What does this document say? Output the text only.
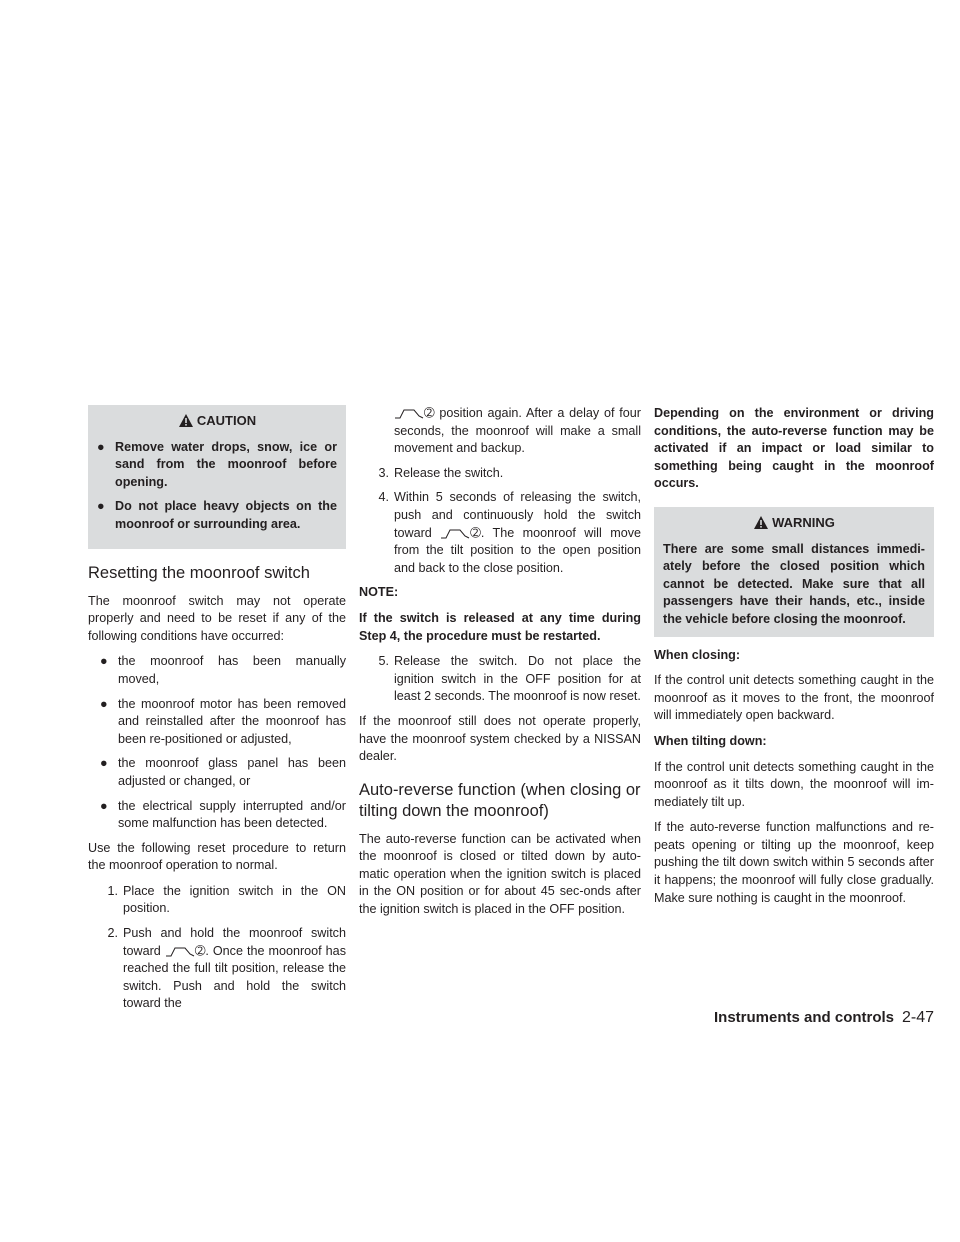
CAUTION
● Remove water drops, snow, ice or sand from the moonroof before opening.
● Do not place heavy objects on the moonroof or surrounding area.
Resetting the moonroof switch

The moonroof switch may not operate properly and need to be reset if any of the following conditions have occurred:

● the moonroof has been manually moved,
● the moonroof motor has been removed and reinstalled after the moonroof has been re-positioned or adjusted,
● the moonroof glass panel has been adjusted or changed, or
● the electrical supply interrupted and/or some malfunction has been detected.

Use the following reset procedure to return the moonroof operation to normal.

1. Place the ignition switch in the ON position.
2. Push and hold the moonroof switch toward	➁. Once the moonroof has reached the full tilt position, release the switch. Push and hold the switch toward the
➁ position again. After a delay of four seconds, the moonroof will make a small movement and backup.
3. Release the switch.
4. Within 5 seconds of releasing the switch, push and continuously hold the switch toward	➁. The moonroof will move from the tilt position to the open position and back to the close position.

NOTE:

If the switch is released at any time during Step 4, the procedure must be restarted.

5. Release the switch. Do not place the ignition switch in the OFF position for at least 2 seconds. The moonroof is now reset.

If the moonroof still does not operate properly, have the moonroof system checked by a NISSAN dealer.

Auto-reverse function (when closing or tilting down the moonroof)

The auto-reverse function can be activated when the moonroof is closed or tilted down by auto-matic operation when the ignition switch is placed in the ON position or for about 45 sec-onds after the ignition switch is placed in the OFF position.

Depending on the environment or driving conditions, the auto-reverse function may be activated if an impact or load similar to something being caught in the moonroof occurs.

WARNING
There are some small distances immedi-ately before the closed position which cannot be detected. Make sure that all passengers have their hands, etc., inside the vehicle before closing the moonroof.

When closing:

If the control unit detects something caught in the moonroof as it moves to the front, the moonroof will immediately open backward.

When tilting down:

If the control unit detects something caught in the moonroof as it tilts down, the moonroof will im-mediately tilt up.

If the auto-reverse function malfunctions and re-peats opening or tilting up the moonroof, keep pushing the tilt down switch within 5 seconds after it happens; the moonroof will fully close gradually. Make sure nothing is caught in the moonroof.

Instruments and controls 2-47
